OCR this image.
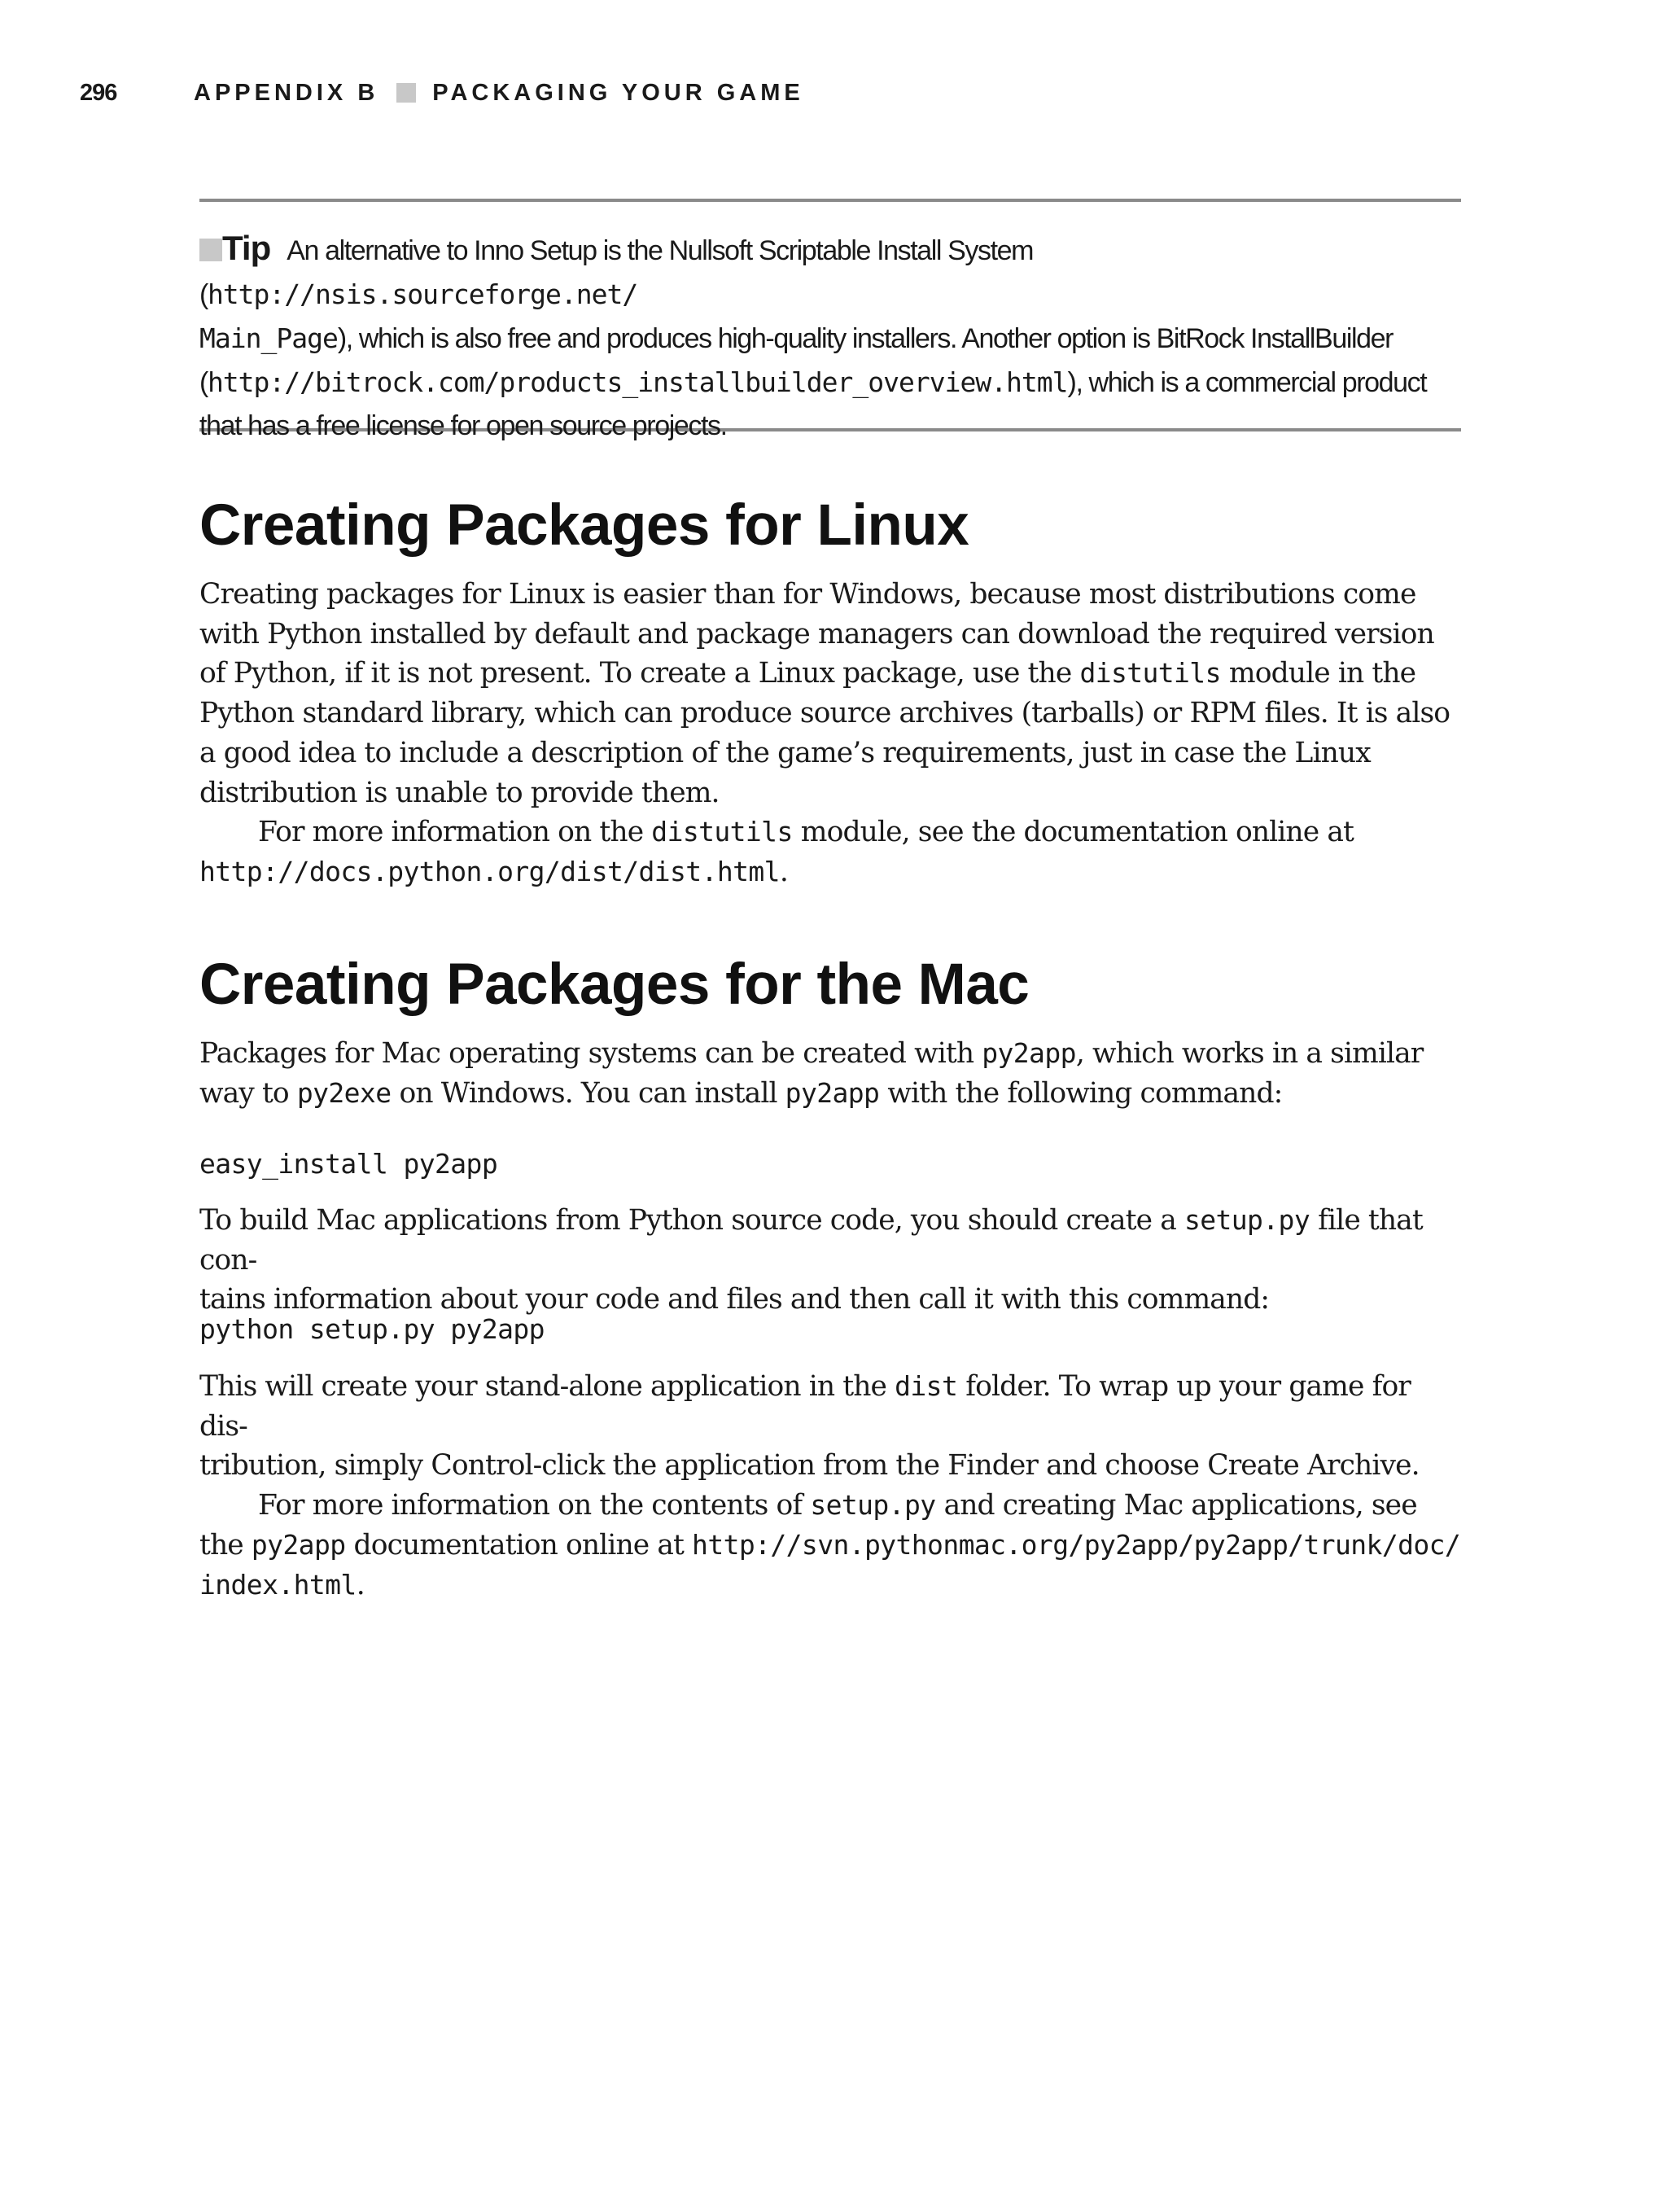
296	APPENDIX B PACKAGING YOUR GAME

Tip An alternative to Inno Setup is the Nullsoft Scriptable Install System (http://nsis.sourceforge.net/
Main_Page), which is also free and produces high-quality installers. Another option is BitRock InstallBuilder (http://bitrock.com/products_installbuilder_overview.html), which is a commercial product that has a free license for open source projects.

Creating Packages for Linux

Creating packages for Linux is easier than for Windows, because most distributions come with Python installed by default and package managers can download the required version of Python, if it is not present. To create a Linux package, use the distutils module in the Python standard library, which can produce source archives (tarballs) or RPM files. It is also a good idea to include a description of the game’s requirements, just in case the Linux distribution is unable to provide them.

For more information on the distutils module, see the documentation online at

http://docs.python.org/dist/dist.html.

Creating Packages for the Mac

Packages for Mac operating systems can be created with py2app, which works in a similar way to py2exe on Windows. You can install py2app with the following command:

easy_install py2app

To build Mac applications from Python source code, you should create a setup.py file that con-

tains information about your code and files and then call it with this command:

python setup.py py2app

This will create your stand-alone application in the dist folder. To wrap up your game for dis-

tribution, simply Control-click the application from the Finder and choose Create Archive.

For more information on the contents of setup.py and creating Mac applications, see

the py2app documentation online at http://svn.pythonmac.org/py2app/py2app/trunk/doc/

index.html.
